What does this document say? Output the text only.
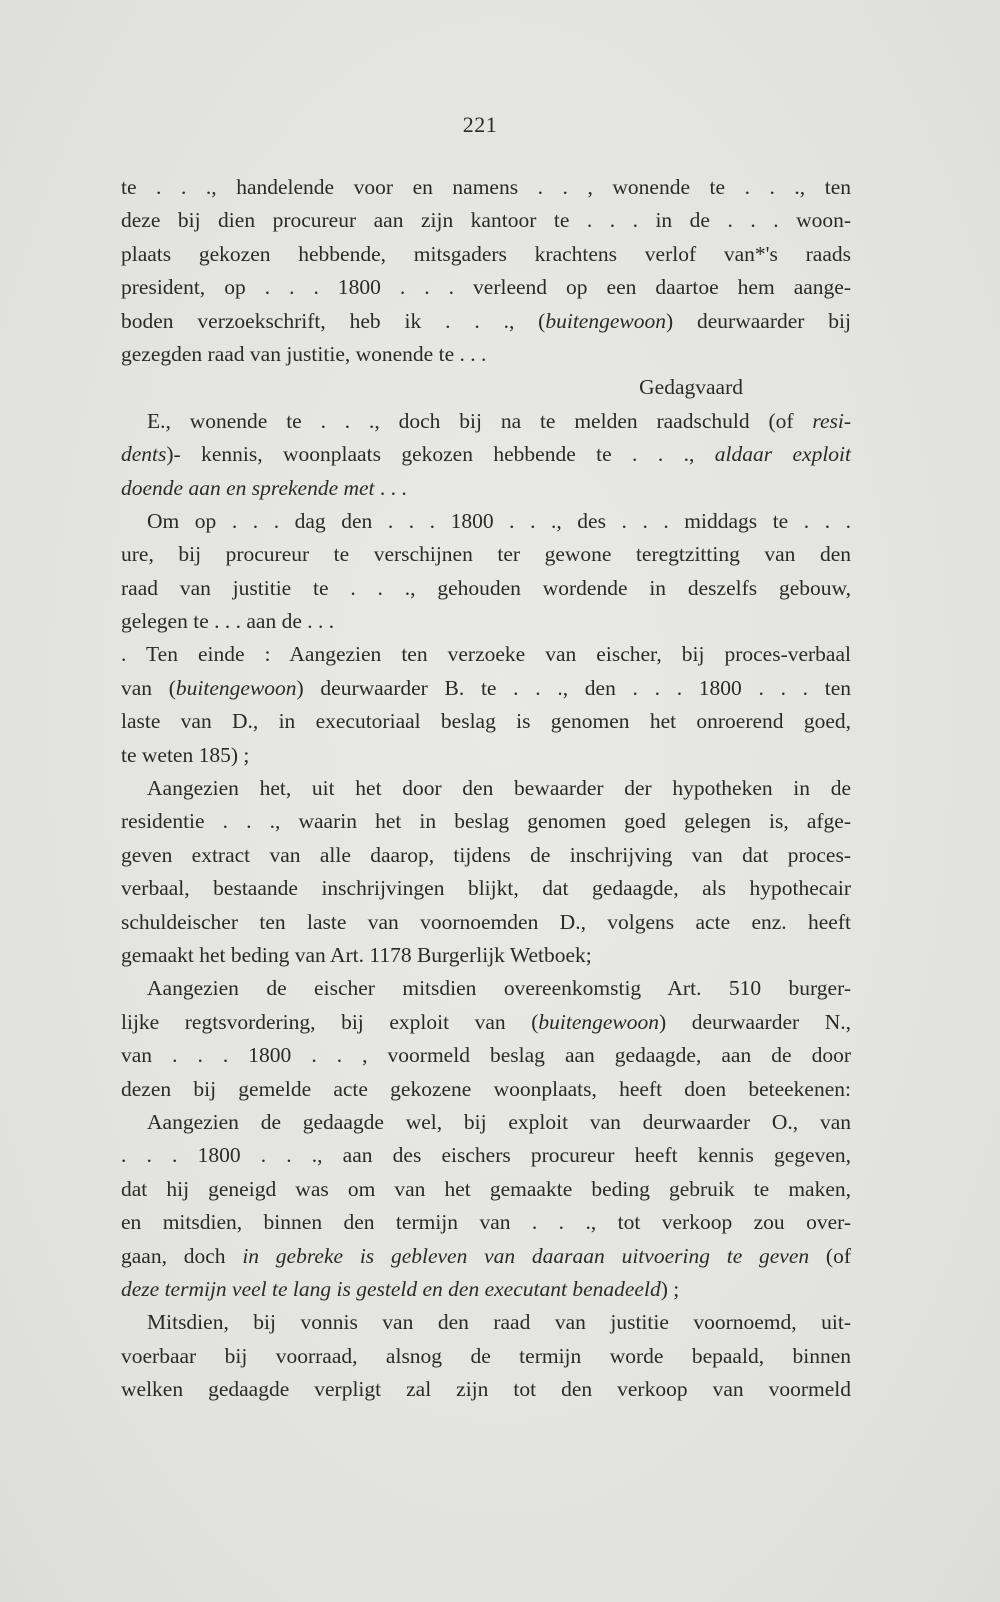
221
te . . ., handelende voor en namens . . , wonende te . . ., ten
deze bij dien procureur aan zijn kantoor te . . . in de . . . woon-
plaats gekozen hebbende, mitsgaders krachtens verlof van*'s raads
president, op . . . 1800 . . . verleend op een daartoe hem aange-
boden verzoekschrift, heb ik . . ., (buitengewoon) deurwaarder bij
gezegden raad van justitie, wonende te . . .
Gedagvaard
E., wonende te . . ., doch bij na te melden raadschuld (of resi-
dents)- kennis, woonplaats gekozen hebbende te . . ., aldaar exploit
doende aan en sprekende met . . .
Om op . . . dag den . . . 1800 . . ., des . . . middags te . . .
ure, bij procureur te verschijnen ter gewone teregtzitting van den
raad van justitie te . . ., gehouden wordende in deszelfs gebouw,
gelegen te . . . aan de . . .
. Ten einde : Aangezien ten verzoeke van eischer, bij proces-verbaal
van (buitengewoon) deurwaarder B. te . . ., den . . . 1800 . . . ten
laste van D., in executoriaal beslag is genomen het onroerend goed,
te weten 185) ;
Aangezien het, uit het door den bewaarder der hypotheken in de
residentie . . ., waarin het in beslag genomen goed gelegen is, afge-
geven extract van alle daarop, tijdens de inschrijving van dat proces-
verbaal, bestaande inschrijvingen blijkt, dat gedaagde, als hypothecair
schuldeischer ten laste van voornoemden D., volgens acte enz. heeft
gemaakt het beding van Art. 1178 Burgerlijk Wetboek;
Aangezien de eischer mitsdien overeenkomstig Art. 510 burger-
lijke regtsvordering, bij exploit van (buitengewoon) deurwaarder N.,
van . . . 1800 . . , voormeld beslag aan gedaagde, aan de door
dezen bij gemelde acte gekozene woonplaats, heeft doen beteekenen:
Aangezien de gedaagde wel, bij exploit van deurwaarder O., van
. . . 1800 . . ., aan des eischers procureur heeft kennis gegeven,
dat hij geneigd was om van het gemaakte beding gebruik te maken,
en mitsdien, binnen den termijn van . . ., tot verkoop zou over-
gaan, doch in gebreke is gebleven van daaraan uitvoering te geven (of
deze termijn veel te lang is gesteld en den executant benadeeld) ;
Mitsdien, bij vonnis van den raad van justitie voornoemd, uit-
voerbaar bij voorraad, alsnog de termijn worde bepaald, binnen
welken gedaagde verpligt zal zijn tot den verkoop van voormeld
